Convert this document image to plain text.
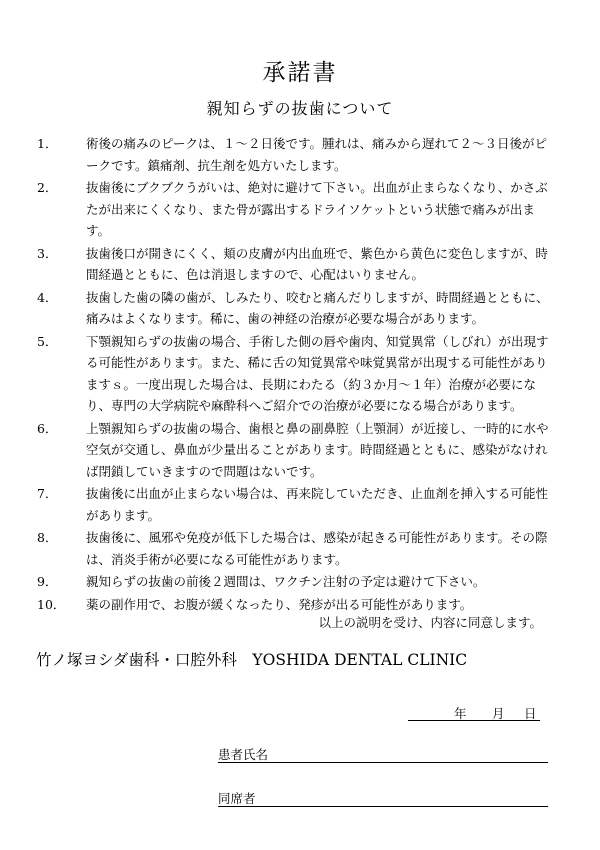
承諾書
親知らずの抜歯について
1．	術後の痛みのピークは、１～２日後です。腫れは、痛みから遅れて２～３日後がピークです。鎮痛剤、抗生剤を処方いたします。
2．	抜歯後にブクブクうがいは、絶対に避けて下さい。出血が止まらなくなり、かさぶたが出来にくくなり、また骨が露出するドライソケットという状態で痛みが出ます。
3．	抜歯後口が開きにくく、頬の皮膚が内出血班で、紫色から黄色に変色しますが、時間経過とともに、色は消退しますので、心配はいりません。
4．	抜歯した歯の隣の歯が、しみたり、咬むと痛んだりしますが、時間経過とともに、痛みはよくなります。稀に、歯の神経の治療が必要な場合があります。
5．	下顎親知らずの抜歯の場合、手術した側の唇や歯肉、知覚異常（しびれ）が出現する可能性があります。また、稀に舌の知覚異常や味覚異常が出現する可能性がありますｓ。一度出現した場合は、長期にわたる（約３か月～１年）治療が必要になり、専門の大学病院や麻酔科へご紹介での治療が必要になる場合があります。
6．	上顎親知らずの抜歯の場合、歯根と鼻の副鼻腔（上顎洞）が近接し、一時的に水や空気が交通し、鼻血が少量出ることがあります。時間経過とともに、感染がなければ閉鎖していきますので問題はないです。
7．	抜歯後に出血が止まらない場合は、再来院していただき、止血剤を挿入する可能性があります。
8．	抜歯後に、風邪や免疫が低下した場合は、感染が起きる可能性があります。その際は、消炎手術が必要になる可能性があります。
9．	親知らずの抜歯の前後２週間は、ワクチン注射の予定は避けて下さい。
10．	薬の副作用で、お腹が緩くなったり、発疹が出る可能性があります。
以上の説明を受け、内容に同意します。
竹ノ塚ヨシダ歯科・口腔外科　YOSHIDA DENTAL CLINIC
年 月 日
患者氏名
同席者
